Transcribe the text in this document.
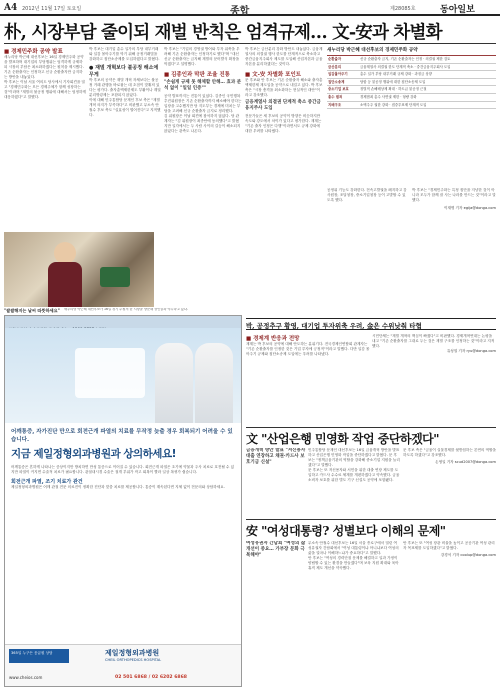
A4 2012년 11월 17일 토요일	종합	제28085호	동아일보
朴, 시장부담 줄이되 재벌 반칙은 엄격규제… 文-安과 차별화
■ 경제민주화 공약 발표

새누리당 박근혜 대선후보는 16일 경제민주화 공약을 발표하며 대기업의 부당행위는 엄격하게 규제하되 시장의 부담은 최소화하겠다는 원칙을 제시했다. 기존 순환출자는 인정하고 신규 순환출자만 금지하는 방안을 내놓았다.

박 후보는 이날 서울 여의도 당사에서 기자회견을 열고 "경제민주화는 모든 경제주체가 함께 성장하는 것"이라며 "재벌의 불공정 행위에 대해서는 엄정하게 대응하겠다"고 말했다.

박 후보는 대기업 총수 일가의 부당 내부거래와 일감 몰아주기를 막기 위해 공정거래법을 강화하고 집단소송제를 도입하겠다고 밝혔다.

● 재벌 개혁보다 불공정 해소에 무게

박 후보의 공약은 재벌 개혁 자체보다는 불공정 거래 관행을 바로잡는 데 초점이 맞춰져 있다는 평가다. 출자총액제한제도 부활이나 계열분리명령제는 포함되지 않았다.

이에 대해 민주통합당 문재인 후보 측은 "재벌 개혁 의지가 부족하다"고 비판했고 무소속 안철수 후보 측도 "실효성이 떨어진다"고 지적했다.

"쌀쌀해지는 날씨 따뜻하세요"	새누리당 박근혜 대선후보가 16일 경기 수원의 한 시장을 방문해 상인들과 악수하고 있다.

박 후보는 "기업의 경영권 방어와 투자 위축을 우려해 기존 순환출자는 인정하기로 했다"며 "대신 신규 순환출자는 금지해 재벌의 문어발식 확장을 막겠다"고 설명했다.

■ 김종인과 막판 조율 진통

"손쉽게 규제 못 해체할 안해… 효과 분석 없이 "일일 인증""

공약 발표까지는 진통이 있었다. 김종인 국민행복추진위원장은 기존 순환출자까지 해소해야 한다는 입장을 고수했지만 당 지도부는 경제에 미치는 부담을 고려해 신규 순환출자 금지로 정리했다.

김 위원장은 이날 회견에 참석하지 않았다. 당 관계자는 "김 위원장이 최종안에 동의했다"고 밝혔지만 일각에서는 두 사람 사이의 갈등이 해소되지 않았다는 관측도 나온다.

박 후보는 금산분리 강화 방안도 내놓았다. 금융계열사의 의결권 행사 한도를 단계적으로 축소하고 중간금융지주회사 제도를 도입해 산업자본과 금융자본을 분리하겠다는 것이다.

■ 文-安 차별화 포인트

문 후보와 안 후보는 기존 순환출자 해소와 출자총액제한제 재도입을 공약으로 내걸고 있다. 박 후보 측은 "시장 충격을 최소화하는 현실적인 대안"이라고 강조했다.

금융계열사 의결권 단계적 축소 중간금융지주사 도입

전문가들은 세 후보의 공약이 방향은 비슷하지만 속도와 강도에서 차이가 있다고 평가한다. 재계는 "기존 출자 인정은 다행"이라면서도 규제 강화에 대한 우려를 나타냈다.

새누리당 박근혜 대선후보의 경제민주화 공약
순환출자	신규 순환출자 금지, 기존 순환출자는 인정 · 의결권 제한 검토
금산분리	금융계열사 의결권 한도 단계적 축소 · 중간금융지주회사 도입
일감몰아주기	총수 일가 부당 내부거래 규제 강화 · 과징금 상향
집단소송제	담합 등 불공정 행위에 대한 집단소송제 도입
중소기업 보호	징벌적 손해배상제 확대 · 하도급 불공정 근절
총수 범죄	경제범죄 총수 사면권 제한 · 형량 강화
지배구조	소액주주 권한 강화 · 집중투표제 단계적 도입

공정위 기능도 강화한다. 전속고발권을 폐지하고 감사원장, 조달청장, 중소기업청장 등이 고발할 수 있도록 했다.

박 후보는 "경제민주화는 특정 집단을 겨냥한 것이 아니라 모두가 함께 잘 사는 나라를 만드는 것"이라고 말했다.

이재명 기자 egija@donga.com

어깨통증, 자가진단 만으로 회전근개 파열의 치료를 무작정 늦출 경우 회복되기 어려울 수 있습니다.
지금 제일정형외과병원과 상의하세요!

어깨통증은 흔하게 나타나는 증상이지만 방치하면 만성 통증으로 이어질 수 있습니다. 회전근개 파열은 초기에 약물과 주사 치료로 호전될 수 있지만 파열이 커지면 수술적 치료가 필요합니다. 관절내시경 수술은 절개 부위가 작고 회복이 빨라 일상 복귀가 쉽습니다.

회전근개 파열, 조기 치료가 관건

제일정형외과병원은 어깨 관절 전문 의료진이 정확한 진단과 맞춤 치료를 제공합니다. 통증이 계속된다면 지체 없이 전문의와 상담하세요.

365일 누구든 응급원 상담	제일정형외과병원
CHEIL ORTHOPEDICS HOSPITAL
www.cheios.com	02 501 6868 / 02 6202 6868
박, 공정추구 황영, 대기업 투자위축 우려, 金은 수위낮춰 타협
■ 경제계 반응과 전망

재계는 박 후보의 공약에 대해 안도하는 분위기다. 전국경제인연합회 관계자는 "기존 순환출자를 인정한 것은 기업 투자에 긍정적"이라고 말했다. 다만 일감 몰아주기 규제와 집단소송제 도입에는 우려를 나타냈다.

시민단체는 "재벌 개혁의 핵심이 빠졌다"고 비판했다. 경제개혁연대는 논평을 내고 "기존 순환출자를 그대로 두는 것은 재벌 구조를 인정하는 것"이라고 지적했다.

유성열 기자 ryu@donga.com

文 "산업은행 민영화 작업 중단하겠다"

금융개혁 방안 발표 "저신용자 대출 연장하고 채권·카드사 보호기금 신설"

민주통합당 문재인 대선후보는 16일 금융개혁 방안을 발표하고 산업은행 민영화 작업을 중단하겠다고 밝혔다. 문 후보는 "정책금융기관의 역할을 강화해 중소기업 지원을 늘리겠다"고 말했다.

문 후보는 또 저신용자와 서민을 위한 대출 연장 제도를 도입하고 카드사 수수료 체계를 개편하겠다고 약속했다. 금융소비자 보호를 위한 별도 기구 신설도 공약에 포함됐다.

문 후보 측은 "금융이 실물경제를 뒷받침하는 본연의 역할을 하도록 하겠다"고 강조했다.

손영일 기자 scud2007@donga.com

安 "여성대통령? 성별보다 이해의 문제"

여성유권자 간담회 "여성의 삶 개선이 중요… 가부장 문화 극복해야"

무소속 안철수 대선후보는 16일 서울 종로구에서 열린 여성유권자 간담회에서 "여성 대통령이냐 아니냐보다 여성의 삶을 얼마나 이해하느냐가 중요하다"고 말했다.

안 후보는 "여성의 경력단절 문제를 해결하고 일과 가정이 양립할 수 있는 환경을 만들겠다"며 보육 지원 확대와 육아휴직 제도 개선을 약속했다.

안 후보는 또 "여성 장관 비율을 높이고 공공기관 여성 관리자 목표제를 도입하겠다"고 밝혔다.

강경석 기자 coolup@donga.com
